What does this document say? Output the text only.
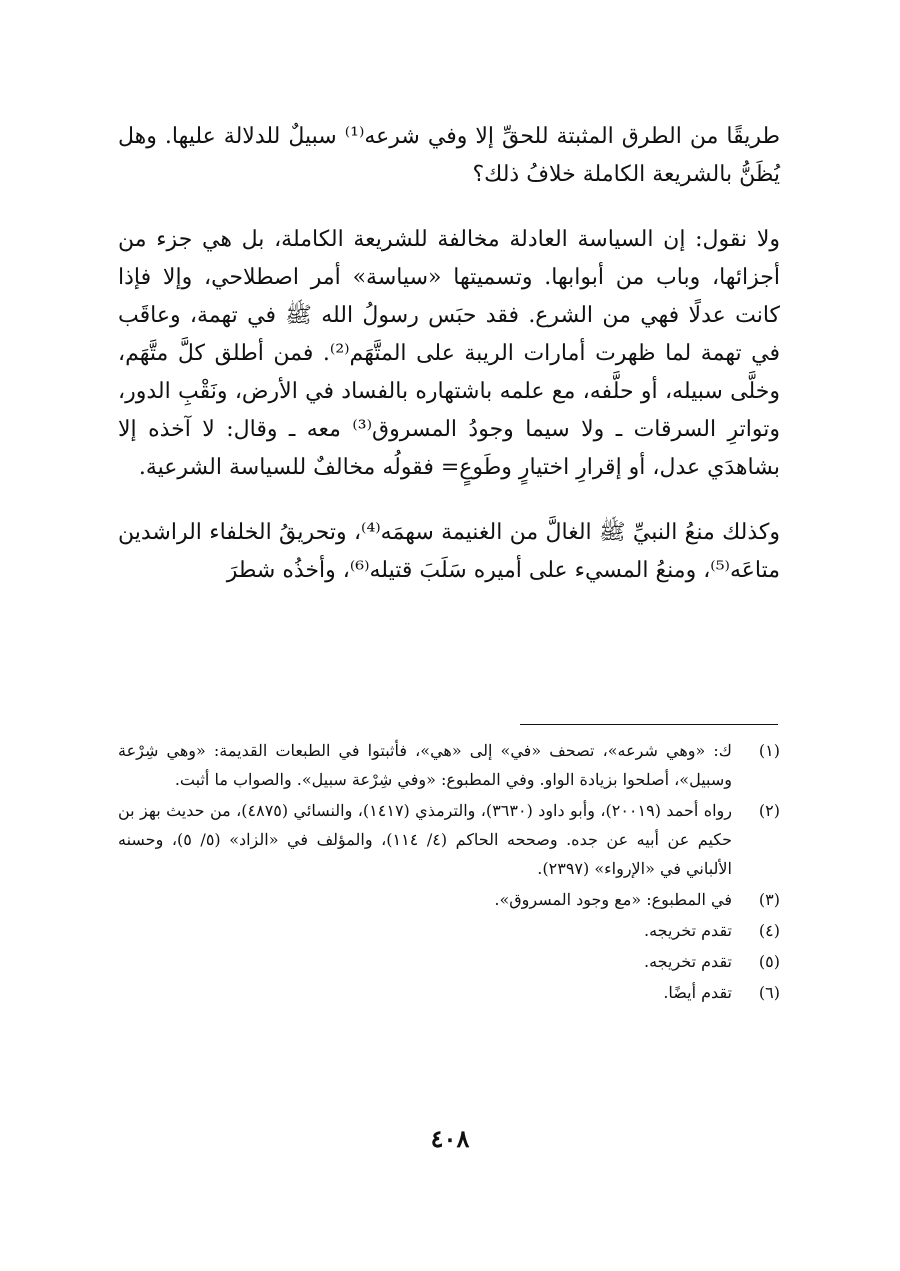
طريقًا من الطرق المثبتة للحقِّ إلا وفي شرعه⁽¹⁾ سبيلٌ للدلالة عليها. وهل يُظَنُّ بالشريعة الكاملة خلافُ ذلك؟

ولا نقول: إن السياسة العادلة مخالفة للشريعة الكاملة، بل هي جزء من أجزائها، وباب من أبوابها. وتسميتها «سياسة» أمر اصطلاحي، وإلا فإذا كانت عدلًا فهي من الشرع. فقد حبَس رسولُ الله ﷺ في تهمة، وعاقَب في تهمة لما ظهرت أمارات الريبة على المتَّهَم⁽²⁾. فمن أطلق كلَّ متَّهَم، وخلَّى سبيله، أو حلَّفه، مع علمه باشتهاره بالفساد في الأرض، ونَقْبِ الدور، وتواترِ السرقات ـ ولا سيما وجودُ المسروق⁽³⁾ معه ـ وقال: لا آخذه إلا بشاهدَي عدل، أو إقرارِ اختيارٍ وطَوعٍ= فقولُه مخالفٌ للسياسة الشرعية.

وكذلك منعُ النبيِّ ﷺ الغالَّ من الغنيمة سهمَه⁽⁴⁾، وتحريقُ الخلفاء الراشدين متاعَه⁽⁵⁾، ومنعُ المسيء على أميره سَلَبَ قتيله⁽⁶⁾، وأخذُه شطرَ

(١)
ك: «وهي شرعه»، تصحف «في» إلى «هي»، فأثبتوا في الطبعات القديمة: «وهي شِرْعة وسبيل»، أصلحوا بزيادة الواو. وفي المطبوع: «وفي شِرْعة سبيل». والصواب ما أثبت.
(٢)
رواه أحمد (٢٠٠١٩)، وأبو داود (٣٦٣٠)، والترمذي (١٤١٧)، والنسائي (٤٨٧٥)، من حديث بهز بن حكيم عن أبيه عن جده. وصححه الحاكم (٤/ ١١٤)، والمؤلف في «الزاد» (٥/ ٥)، وحسنه الألباني في «الإرواء» (٢٣٩٧).
(٣)
في المطبوع: «مع وجود المسروق».
(٤)
تقدم تخريجه.
(٥)
تقدم تخريجه.
(٦)
تقدم أيضًا.
٤٠٨
